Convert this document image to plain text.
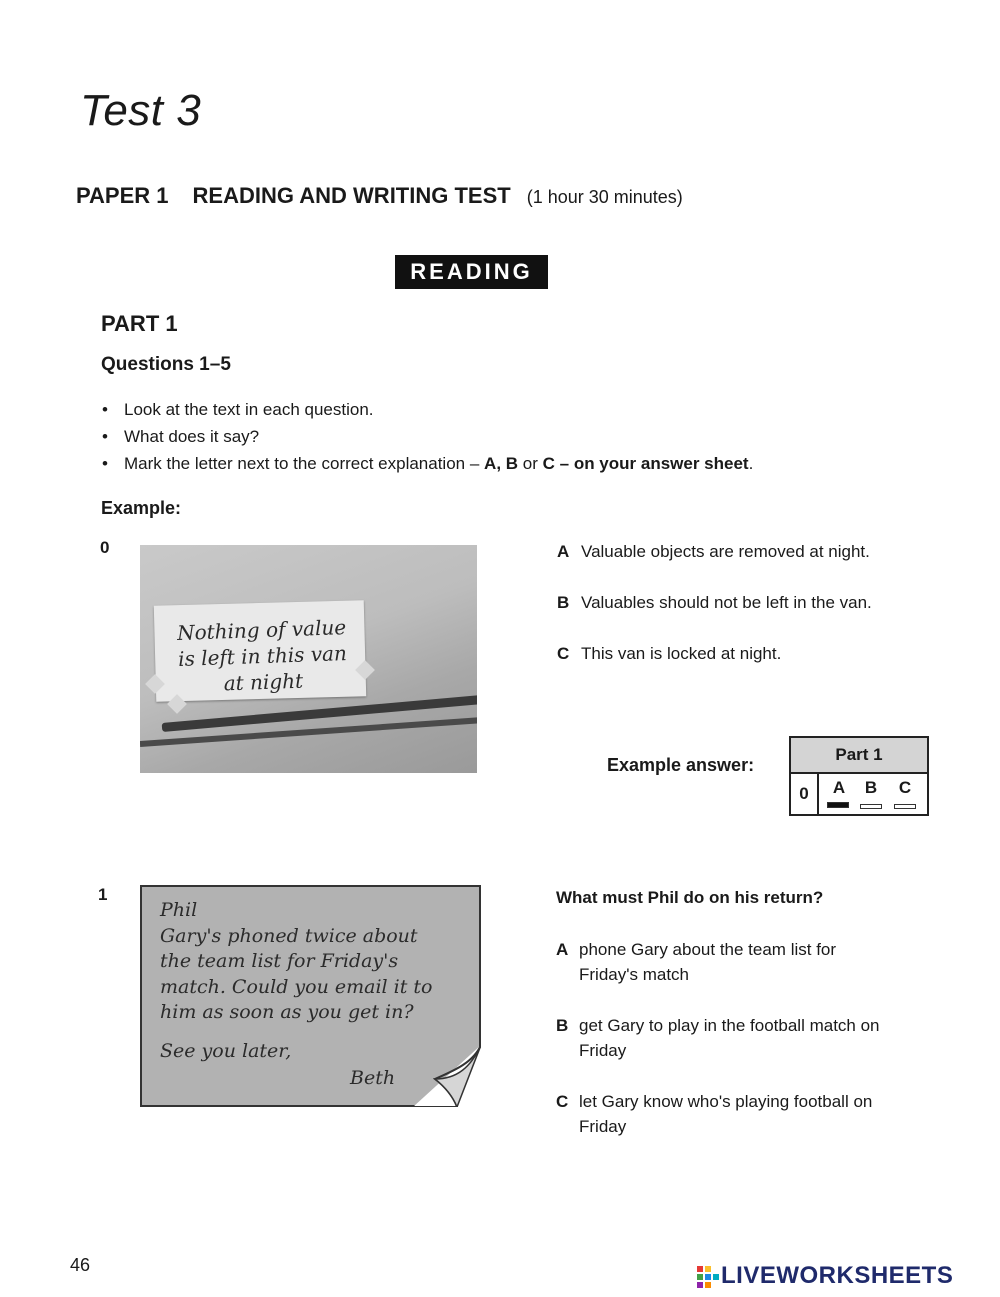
Test 3
PAPER 1 READING AND WRITING TEST (1 hour 30 minutes)
READING
PART 1
Questions 1–5
• Look at the text in each question.
• What does it say?
• Mark the letter next to the correct explanation – A, B or C – on your answer sheet.
Example:
0
Nothing of value
is left in this van
at night
A Valuable objects are removed at night.
B Valuables should not be left in the van.
C This van is locked at night.
Example answer:
Part 1
0	A	B	C
1
Phil
Gary's phoned twice about
the team list for Friday's
match. Could you email it to
him as soon as you get in?
See you later,
Beth
What must Phil do on his return?
A phone Gary about the team list for
Friday's match
B get Gary to play in the football match on
Friday
C let Gary know who's playing football on
Friday
46	LIVEWORKSHEETS
